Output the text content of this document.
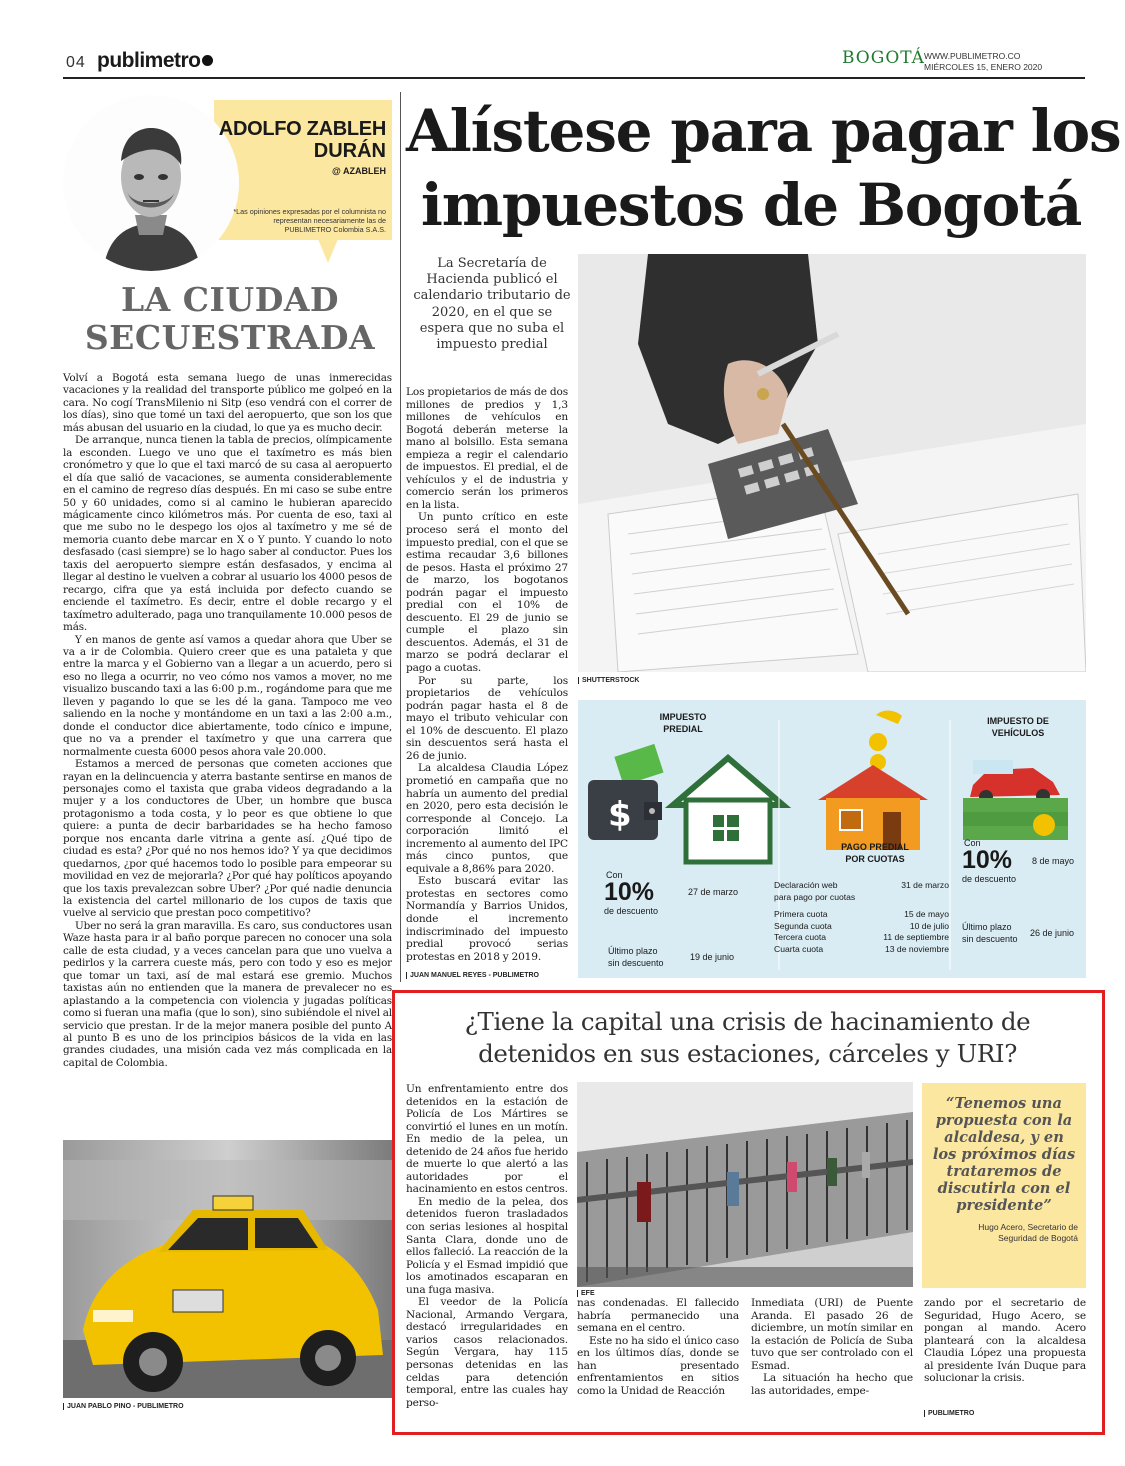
04 publimetro	BOGOTÁ WWW.PUBLIMETRO.CO
MIÉRCOLES 15, ENERO 2020
ADOLFO ZABLEH
DURÁN
@ AZABLEH
*Las opiniones expresadas por el columnista no representan necesariamente las de PUBLIMETRO Colombia S.A.S.
LA CIUDAD
SECUESTRADA

Volví a Bogotá esta semana luego de unas inmerecidas vacaciones y la realidad del transporte público me golpeó en la cara. No cogí TransMilenio ni Sitp (eso vendrá con el correr de los días), sino que tomé un taxi del aeropuerto, que son los que más abusan del usuario en la ciudad, lo que ya es mucho decir.

De arranque, nunca tienen la tabla de precios, olímpicamente la esconden. Luego ve uno que el taxímetro es más bien cronómetro y que lo que el taxi marcó de su casa al aeropuerto el día que salió de vacaciones, se aumenta considerablemente en el camino de regreso días después. En mi caso se sube entre 50 y 60 unidades, como si al camino le hubieran aparecido mágicamente cinco kilómetros más. Por cuenta de eso, taxi al que me subo no le despego los ojos al taxímetro y me sé de memoria cuanto debe marcar en X o Y punto. Y cuando lo noto desfasado (casi siempre) se lo hago saber al conductor. Pues los taxis del aeropuerto siempre están desfasados, y encima al llegar al destino le vuelven a cobrar al usuario los 4000 pesos de recargo, cifra que ya está incluida por defecto cuando se enciende el taxímetro. Es decir, entre el doble recargo y el taxímetro adulterado, paga uno tranquilamente 10.000 pesos de más.

Y en manos de gente así vamos a quedar ahora que Uber se va a ir de Colombia. Quiero creer que es una pataleta y que entre la marca y el Gobierno van a llegar a un acuerdo, pero si eso no llega a ocurrir, no veo cómo nos vamos a mover, no me visualizo buscando taxi a las 6:00 p.m., rogándome para que me lleven y pagando lo que se les dé la gana. Tampoco me veo saliendo en la noche y montándome en un taxi a las 2:00 a.m., donde el conductor dice abiertamente, todo cínico e impune, que no va a prender el taxímetro y que una carrera que normalmente cuesta 6000 pesos ahora vale 20.000.

Estamos a merced de personas que cometen acciones que rayan en la delincuencia y aterra bastante sentirse en manos de personajes como el taxista que graba videos degradando a la mujer y a los conductores de Uber, un hombre que busca protagonismo a toda costa, y lo peor es que obtiene lo que quiere: a punta de decir barbaridades se ha hecho famoso porque nos encanta darle vitrina a gente así. ¿Qué tipo de ciudad es esta? ¿Por qué no nos hemos ido? Y ya que decidimos quedarnos, ¿por qué hacemos todo lo posible para empeorar su movilidad en vez de mejorarla? ¿Por qué hay políticos apoyando que los taxis prevalezcan sobre Uber? ¿Por qué nadie denuncia la existencia del cartel millonario de los cupos de taxis que vuelve al servicio que prestan poco competitivo?

Uber no será la gran maravilla. Es caro, sus conductores usan Waze hasta para ir al baño porque parecen no conocer una sola calle de esta ciudad, y a veces cancelan para que uno vuelva a pedirlos y la carrera cueste más, pero con todo y eso es mejor que tomar un taxi, así de mal estará ese gremio. Muchos taxistas aún no entienden que la manera de prevalecer no es aplastando a la competencia con violencia y jugadas políticas como si fueran una mafia (que lo son), sino subiéndole el nivel al servicio que prestan. Ir de la mejor manera posible del punto A al punto B es uno de los principios básicos de la vida en las grandes ciudades, una misión cada vez más complicada en la capital de Colombia.

JUAN PABLO PINO - PUBLIMETRO
Alístese para pagar los
impuestos de Bogotá
La Secretaría de Hacienda publicó el calendario tributario de 2020, en el que se espera que no suba el impuesto predial
SHUTTERSTOCK

Los propietarios de más de dos millones de predios y 1,3 millones de vehículos en Bogotá deberán meterse la mano al bolsillo. Esta semana empieza a regir el calendario de impuestos. El predial, el de vehículos y el de industria y comercio serán los primeros en la lista.

Un punto crítico en este proceso será el monto del impuesto predial, con el que se estima recaudar 3,6 billones de pesos. Hasta el próximo 27 de marzo, los bogotanos podrán pagar el impuesto predial con el 10% de descuento. El 29 de junio se cumple el plazo sin descuentos. Además, el 31 de marzo se podrá declarar el pago a cuotas.

Por su parte, los propietarios de vehículos podrán pagar hasta el 8 de mayo el tributo vehicular con el 10% de descuento. El plazo sin descuentos será hasta el 26 de junio.

La alcaldesa Claudia López prometió en campaña que no habría un aumento del predial en 2020, pero esta decisión le corresponde al Concejo. La corporación limitó el incremento al aumento del IPC más cinco puntos, que equivale a 8,86% para 2020.

Esto buscará evitar las protestas en sectores como Normandía y Barrios Unidos, donde el incremento indiscriminado del impuesto predial provocó serias protestas en 2018 y 2019.

JUAN MANUEL REYES - PUBLIMETRO
$
IMPUESTO
PREDIAL
Con
10%
de descuento
27 de marzo
Último plazo
sin descuento
19 de junio
PAGO PREDIAL
POR CUOTAS
Declaración web	31 de marzo
para pago por cuotas
Primera cuota	15 de mayo
Segunda cuota	10 de julio
Tercera cuota	11 de septiembre
Cuarta cuota	13 de noviembre
IMPUESTO DE
VEHÍCULOS
Con
10%
de descuento
8 de mayo
Último plazo
sin descuento
26 de junio
¿Tiene la capital una crisis de hacinamiento de
detenidos en sus estaciones, cárceles y URI?

Un enfrentamiento entre dos detenidos en la estación de Policía de Los Mártires se convirtió el lunes en un motín. En medio de la pelea, un detenido de 24 años fue herido de muerte lo que alertó a las autoridades por el hacinamiento en estos centros.

En medio de la pelea, dos detenidos fueron trasladados con serias lesiones al hospital Santa Clara, donde uno de ellos falleció. La reacción de la Policía y el Esmad impidió que los amotinados escaparan en una fuga masiva.

El veedor de la Policía Nacional, Armando Vergara, destacó irregularidades en varios casos relacionados. Según Vergara, hay 115 personas detenidas en las celdas para detención temporal, entre las cuales hay perso-

EFE
“Tenemos una propuesta con la alcaldesa, y en los próximos días trataremos de discutirla con el presidente”
Hugo Acero, Secretario de Seguridad de Bogotá

nas condenadas. El fallecido habría permanecido una semana en el centro.

Este no ha sido el único caso en los últimos días, donde se han presentado enfrentamientos en sitios como la Unidad de Reacción

Inmediata (URI) de Puente Aranda. El pasado 26 de diciembre, un motín similar en la estación de Policía de Suba tuvo que ser controlado con el Esmad.

La situación ha hecho que las autoridades, empe-

zando por el secretario de Seguridad, Hugo Acero, se pongan al mando. Acero planteará con la alcaldesa Claudia López una propuesta al presidente Iván Duque para solucionar la crisis.

PUBLIMETRO
